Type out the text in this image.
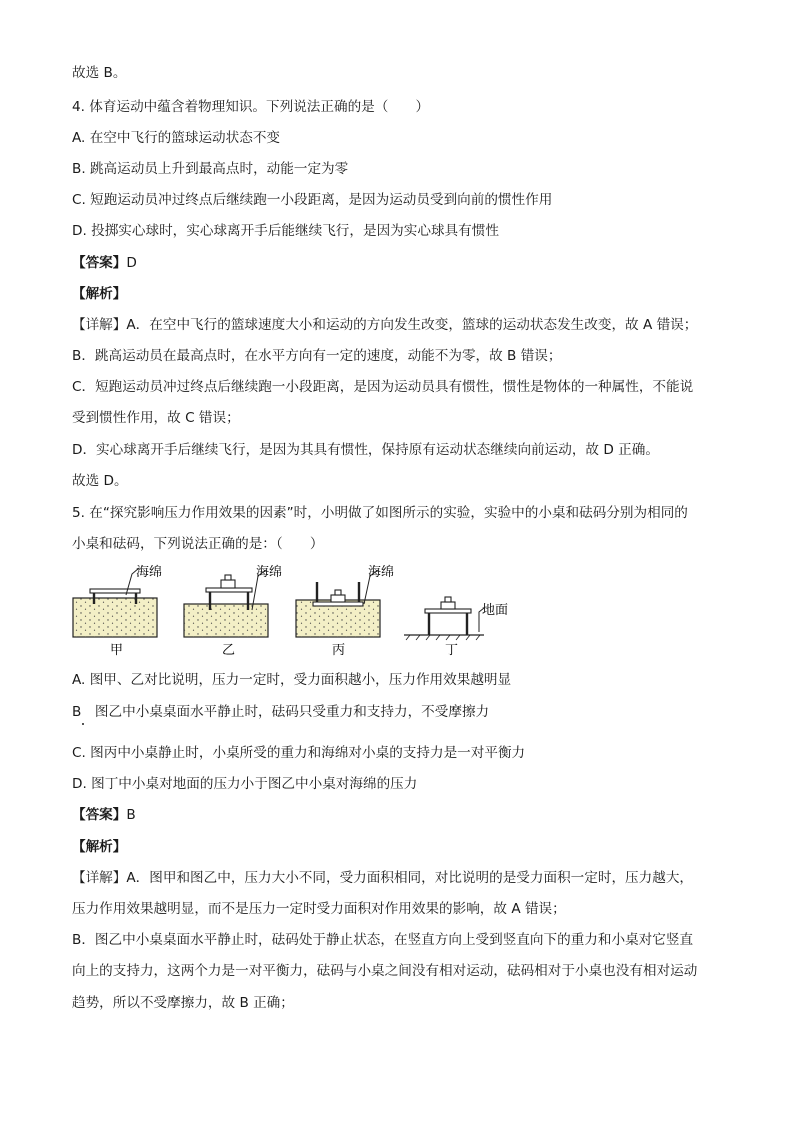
故选 B。
4. 体育运动中蕴含着物理知识。下列说法正确的是（　　）
A. 在空中飞行的篮球运动状态不变
B. 跳高运动员上升到最高点时，动能一定为零
C. 短跑运动员冲过终点后继续跑一小段距离，是因为运动员受到向前的惯性作用
D. 投掷实心球时，实心球离开手后能继续飞行，是因为实心球具有惯性
【答案】D
【解析】
【详解】A．在空中飞行的篮球速度大小和运动的方向发生改变，篮球的运动状态发生改变，故 A 错误；
B．跳高运动员在最高点时，在水平方向有一定的速度，动能不为零，故 B 错误；
C．短跑运动员冲过终点后继续跑一小段距离，是因为运动员具有惯性，惯性是物体的一种属性，不能说
受到惯性作用，故 C 错误；
D．实心球离开手后继续飞行，是因为其具有惯性，保持原有运动状态继续向前运动，故 D 正确。
故选 D。
5. 在“探究影响压力作用效果的因素”时，小明做了如图所示的实验，实验中的小桌和砝码分别为相同的
小桌和砝码，下列说法正确的是：（　　）
海绵
甲
海绵
乙
海绵
丙
地面
丁
A. 图甲、乙对比说明，压力一定时，受力面积越小，压力作用效果越明显
B　图乙中小桌桌面水平静止时，砝码只受重力和支持力，不受摩擦力
C. 图丙中小桌静止时，小桌所受的重力和海绵对小桌的支持力是一对平衡力
D. 图丁中小桌对地面的压力小于图乙中小桌对海绵的压力
【答案】B
【解析】
【详解】A．图甲和图乙中，压力大小不同，受力面积相同，对比说明的是受力面积一定时，压力越大，
压力作用效果越明显，而不是压力一定时受力面积对作用效果的影响，故 A 错误；
B．图乙中小桌桌面水平静止时，砝码处于静止状态，在竖直方向上受到竖直向下的重力和小桌对它竖直
向上的支持力，这两个力是一对平衡力，砝码与小桌之间没有相对运动，砝码相对于小桌也没有相对运动
趋势，所以不受摩擦力，故 B 正确；
